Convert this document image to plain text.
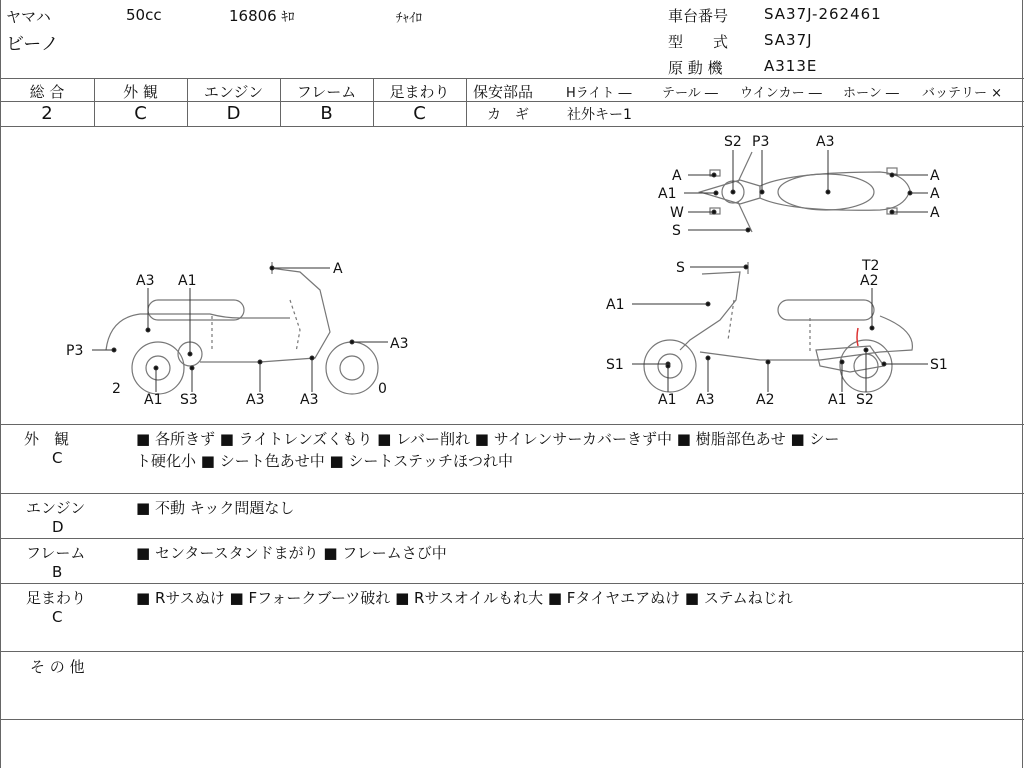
ヤマハ
ビーノ
50cc	16806 ｷﾛ	ﾁｬｲﾛ	車台番号 SA37J-262461
型　　式 SA37J
原 動 機	A313E
総 合	外 観	エンジン	フレーム	足まわり
2	C	D	B	C
保安部品	Hライト ― テール ― ウインカー ― ホーン ― バッテリー ×
カ　ギ	社外キー1
S2 P3	A3
A
A1
W
S
A
A
A
A
A3 A1
P3	A3
2
A1 S3	A3	A3
0
S	T2
A2
A1
S1	S1
A1 A3	A2	A1 S2
外　観
C
■ 各所きず ■ ライトレンズくもり ■ レバー削れ ■ サイレンサーカバーきず中 ■ 樹脂部色あせ ■ シー
ト硬化小 ■ シート色あせ中 ■ シートステッチほつれ中
エンジン
D
■ 不動 キック問題なし
フレーム
B
■ センタースタンドまがり ■ フレームさび中
足まわり
C
■ Rサスぬけ ■ Fフォークブーツ破れ ■ Rサスオイルもれ大 ■ Fタイヤエアぬけ ■ ステムねじれ
そ の 他
